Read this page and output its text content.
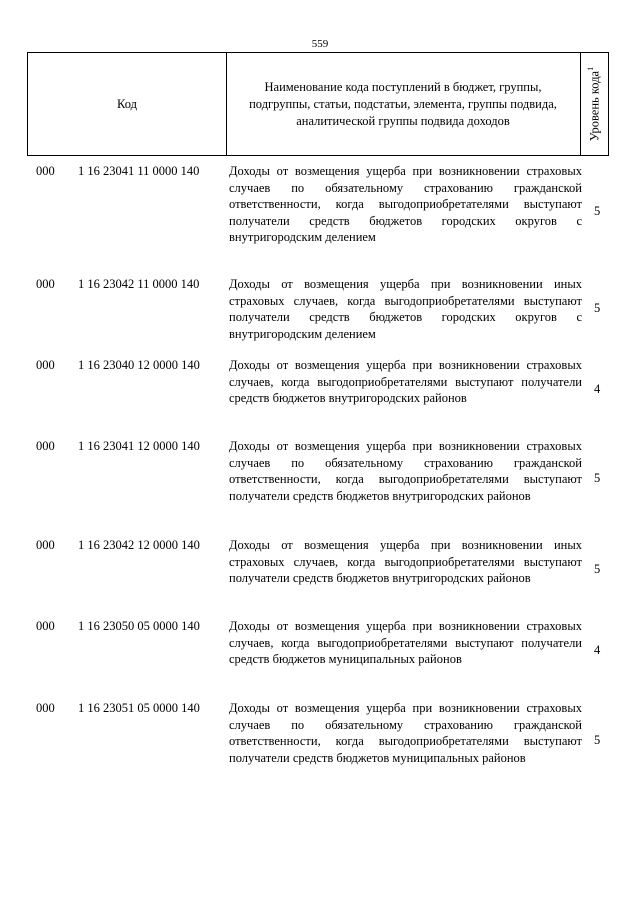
559
Код
Наименование кода поступлений в бюджет, группы, подгруппы, статьи, подстатьи, элемента, группы подвида, аналитической группы подвида доходов	Уровень кода$^1$
000 1 16 23041 11 0000 140 Доходы от возмещения ущерба при возникновении страховых случаев по обязательному страхованию гражданской ответственности, когда выгодоприобретателями выступают получатели средств бюджетов городских округов с внутригородским делением
5
000 1 16 23042 11 0000 140 Доходы от возмещения ущерба при возникновении иных страховых случаев, когда выгодоприобретателями выступают получатели средств бюджетов городских округов с внутригородским делением
5
000 1 16 23040 12 0000 140 Доходы от возмещения ущерба при возникновении страховых случаев, когда выгодоприобретателями выступают получатели средств бюджетов внутригородских районов
4
000 1 16 23041 12 0000 140 Доходы от возмещения ущерба при возникновении страховых случаев по обязательному страхованию гражданской ответственности, когда выгодоприобретателями выступают получатели средств бюджетов внутригородских районов
5
000 1 16 23042 12 0000 140 Доходы от возмещения ущерба при возникновении иных страховых случаев, когда выгодоприобретателями выступают получатели средств бюджетов внутригородских районов
5
000 1 16 23050 05 0000 140 Доходы от возмещения ущерба при возникновении страховых случаев, когда выгодоприобретателями выступают получатели средств бюджетов муниципальных районов
4
000 1 16 23051 05 0000 140 Доходы от возмещения ущерба при возникновении страховых случаев по обязательному страхованию гражданской ответственности, когда выгодоприобретателями выступают получатели средств бюджетов муниципальных районов
5
